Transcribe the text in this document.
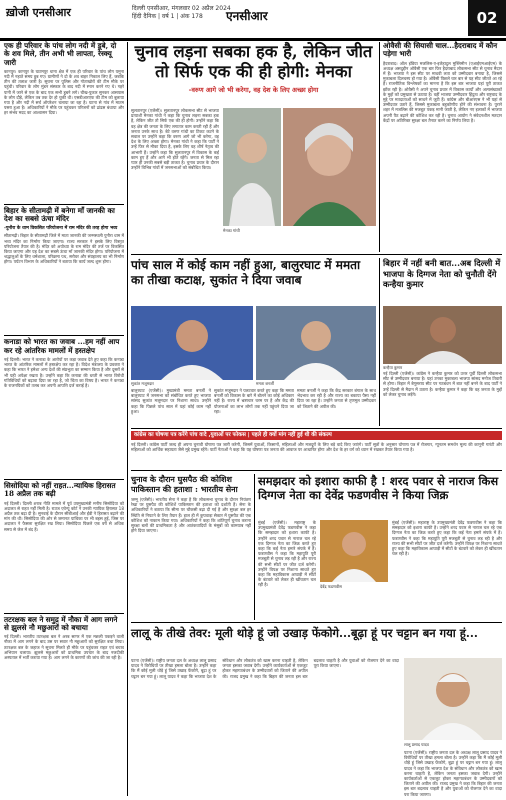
ख़ोजी एनसीआर	दिल्ली एनसीआर, मंगलवार 02 अप्रैल 2024
हिंदी दैनिक | वर्ष 1 | अंक 178	एनसीआर	02
एक ही परिवार के पांच लोग नदी में डूबे, दो के शव मिले, तीन अभी भी लापता, रेस्क्यू जारी
कानपुर। कानपुर के घाटमपुर थाना क्षेत्र में एक ही परिवार के पांच लोग यमुना नदी में नहाते समय डूब गए। ग्रामीणों ने दो के शव बाहर निकाल लिए हैं, जबकि तीन की तलाश जारी है। सूचना पर पुलिस और गोताखोरों की टीम मौके पर पहुंची। परिवार के लोग मुंडन संस्कार के बाद नदी में स्नान करने गए थे। गहरे पानी में जाने से एक के बाद एक सभी डूबने लगे। चीख-पुकार सुनकर आसपास के लोग दौड़े, लेकिन तब तक देर हो चुकी थी। एसडीआरएफ की टीम को बुलाया गया है और नदी में सर्च ऑपरेशन चलाया जा रहा है। घटना से गांव में मातम पसरा हुआ है। अधिकारियों ने मौके पर पहुंचकर परिजनों को ढांढस बंधाया और हर संभव मदद का आश्वासन दिया।
बिहार के सीतामढ़ी में बनेगा माँ जानकी का देश का सबसे ऊंचा मंदिर
-पुनौरा के धाम विकसित परियोजना में राम मंदिर की तरह होगा भव्य
सीतामढ़ी। बिहार के सीतामढ़ी जिले में माता जानकी की जन्मस्थली पुनौरा धाम में भव्य मंदिर का निर्माण किया जाएगा। राज्य सरकार ने इसके लिए विस्तृत परियोजना तैयार की है। मंदिर को अयोध्या के राम मंदिर की तर्ज पर विकसित किया जाएगा और यह देश का सबसे ऊंचा माँ जानकी मंदिर होगा। परियोजना में श्रद्धालुओं के लिए धर्मशाला, परिक्रमा पथ, सरोवर और संग्रहालय का भी निर्माण होगा। पर्यटन विभाग के अधिकारियों ने बताया कि कार्य जल्द शुरू होगा।
कनाडा को भारत का जवाब ...हम नहीं आप कर रहे आंतरिक मामलों में हस्तक्षेप
नई दिल्ली। भारत ने कनाडा के आरोपों पर कड़ा जवाब देते हुए कहा कि कनाडा भारत के आंतरिक मामलों में हस्तक्षेप कर रहा है। विदेश मंत्रालय के प्रवक्ता ने कहा कि भारत ने हमेशा अन्य देशों की संप्रभुता का सम्मान किया है और दूसरों से भी यही अपेक्षा रखता है। उन्होंने कहा कि कनाडा की धरती से भारत विरोधी गतिविधियों को बढ़ावा दिया जा रहा है, जो चिंता का विषय है। भारत ने कनाडा के राजनयिकों को तलब कर अपनी आपत्ति दर्ज कराई है।
सिसोदिया को नहीं राहत...न्यायिक हिरासत 18 अप्रैल तक बढ़ी
नई दिल्ली। दिल्ली शराब नीति मामले में पूर्व उपमुख्यमंत्री मनीष सिसोदिया को अदालत से राहत नहीं मिली है। राउज एवेन्यू कोर्ट ने उनकी न्यायिक हिरासत 18 अप्रैल तक बढ़ा दी है। सुनवाई के दौरान सीबीआई और ईडी ने हिरासत बढ़ाने की मांग की थी। सिसोदिया की ओर से जमानत याचिका पर भी बहस हुई, जिस पर अदालत ने फैसला सुरक्षित रख लिया। सिसोदिया पिछले एक वर्ष से अधिक समय से जेल में बंद हैं।
तटरक्षक बल ने समुद्र में नौका में आग लगने से झुलसे नौ मछुआरों को बचाया
नई दिल्ली। भारतीय तटरक्षक बल ने अरब सागर में एक मछली पकड़ने वाली नौका में आग लगने के बाद उस पर सवार नौ मछुआरों को सुरक्षित बचा लिया। तटरक्षक बल के जहाज ने सूचना मिलते ही मौके पर पहुंचकर राहत एवं बचाव अभियान चलाया। झुलसे मछुआरों को प्राथमिक उपचार के बाद नजदीकी अस्पताल में भर्ती कराया गया है। आग लगने के कारणों की जांच की जा रही है।
चुनाव लड़ना सबका हक है, लेकिन जीत तो सिर्फ एक की ही होगी: मेनका
-वरुण आगे जो भी करेगा, वह देश के लिए अच्छा होगा
सुलतानपुर (एजेंसी)। सुलतानपुर लोकसभा सीट से भाजपा प्रत्याशी मेनका गांधी ने कहा कि चुनाव लड़ना सबका हक है, लेकिन जीत तो सिर्फ एक की ही होगी। उन्होंने कहा कि वह क्षेत्र की जनता के लिए लगातार काम करती रही हैं और जनता उनके साथ है। बेटे वरुण गांधी का टिकट कटने के सवाल पर उन्होंने कहा कि वरुण आगे जो भी करेगा, वह देश के लिए अच्छा होगा। मेनका गांधी ने कहा कि पार्टी ने उन्हें फिर से मौका दिया है, इसके लिए वह शीर्ष नेतृत्व की आभारी हैं। उन्होंने कहा कि सुलतानपुर में विकास के कई काम हुए हैं और आगे भी होते रहेंगे। जनता से मिल रहा प्यार ही उनकी सबसे बड़ी ताकत है। चुनाव प्रचार के दौरान उन्होंने विभिन्न गांवों में जनसभाओं को संबोधित किया।
मेनका गांधी
ओवैसी की सियासी चाल...हैदराबाद में कौन पड़ेगा भारी
हैदराबाद। ऑल इंडिया मजलिस-ए-इत्तेहादुल मुस्लिमीन (एआईएमआईएम) के अध्यक्ष असदुद्दीन ओवैसी एक बार फिर हैदराबाद लोकसभा सीट से चुनाव मैदान में हैं। भाजपा ने इस सीट पर माधवी लता को उम्मीदवार बनाया है, जिससे मुकाबला दिलचस्प हो गया है। ओवैसी पिछले चार बार से यह सीट जीतते आ रहे हैं। राजनीतिक विश्लेषकों का मानना है कि इस बार भाजपा यहां पूरी ताकत झोंक रही है। ओवैसी ने अपने चुनाव प्रचार में विकास कार्यों और अल्पसंख्यकों के मुद्दों को प्रमुखता से उठाया है। वहीं भाजपा उम्मीदवार हिंदुत्व और राष्ट्रवाद के मुद्दे पर मतदाताओं को साधने में जुटी हैं। कांग्रेस और बीआरएस ने भी यहां से उम्मीदवार उतारे हैं, जिससे मुकाबला बहुकोणीय होने की संभावना है। पुराने शहर में मजलिस की मजबूत पकड़ मानी जाती है, लेकिन नए इलाकों में भाजपा अपनी पैठ बढ़ाने की कोशिश कर रही है। चुनाव आयोग ने संवेदनशील मतदान केंद्रों पर अतिरिक्त सुरक्षा बल तैनात करने का निर्णय लिया है।
पांच साल में कोई काम नहीं हुआ, बालुरघाट में ममता का तीखा कटाक्ष, सुकांत ने दिया जवाब
सुकांत मजूमदार	ममता बनर्जी
बालुरघाट (एजेंसी)। मुख्यमंत्री ममता बनर्जी ने बालुरघाट में जनसभा को संबोधित करते हुए भाजपा सांसद सुकांत मजूमदार पर निशाना साधा। उन्होंने कहा कि पिछले पांच साल में यहां कोई काम नहीं हुआ।
सुकांत मजूमदार ने पलटवार करते हुए कहा कि ममता बनर्जी को विकास के बारे में बोलने का कोई अधिकार नहीं है। राज्य में भ्रष्टाचार चरम पर है और केंद्र की योजनाओं का लाभ लोगों तक नहीं पहुंचने दिया जा रहा।
ममता बनर्जी ने कहा कि केंद्र सरकार बंगाल के साथ भेदभाव कर रही है और राज्य का बकाया पैसा नहीं दिया जा रहा है। उन्होंने जनता से तृणमूल उम्मीदवार को जिताने की अपील की।
बिहार में नहीं बनी बात...अब दिल्ली में भाजपा के दिग्गज नेता को चुनौती देंगे कन्हैया कुमार
कन्हैया कुमार
नई दिल्ली (एजेंसी)। कांग्रेस ने कन्हैया कुमार को उत्तर पूर्वी दिल्ली लोकसभा सीट से उम्मीदवार बनाया है। यहां उनका मुकाबला भाजपा सांसद मनोज तिवारी से होगा। बिहार में बेगूसराय सीट पर गठबंधन में बात नहीं बनने के बाद पार्टी ने उन्हें दिल्ली से मैदान में उतारा है। कन्हैया कुमार ने कहा कि वह जनता के मुद्दों को लेकर चुनाव लड़ेंगे।
कांग्रेस का घोषणा पत्र करेंगे पांच वादे ,युवाओं पर फोकस | पहले ही क्यों मांग नहीं हुई थी की संकल्प
नई दिल्ली। कांग्रेस पार्टी जल्द ही अपना चुनावी घोषणा पत्र जारी करेगी, जिसमें युवाओं, किसानों, महिलाओं और मजदूरों के लिए बड़े वादे किए जाएंगे। पार्टी सूत्रों के अनुसार घोषणा पत्र में रोजगार, न्यूनतम समर्थन मूल्य की कानूनी गारंटी और महिलाओं को आर्थिक सहायता जैसे मुद्दे प्रमुख रहेंगे। पार्टी नेताओं ने कहा कि यह घोषणा पत्र जनता की आवाज पर आधारित होगा और देश के हर वर्ग को ध्यान में रखकर तैयार किया गया है।
चुनाव के दौरान घुसपैठ की कोशिश पाकिस्तान की हताशा : भारतीय सेना
जम्मू (एजेंसी)। भारतीय सेना ने कहा है कि लोकसभा चुनाव के दौरान नियंत्रण रेखा पर घुसपैठ की कोशिशें पाकिस्तान की हताशा को दर्शाती हैं। सेना के अधिकारियों ने बताया कि सीमा पर चौकसी बढ़ा दी गई है और सुरक्षा बल हर स्थिति से निपटने के लिए तैयार हैं। हाल ही में कुपवाड़ा सेक्टर में घुसपैठ की एक कोशिश को नाकाम किया गया। अधिकारियों ने कहा कि शांतिपूर्ण चुनाव कराना सुरक्षा बलों की प्राथमिकता है और आतंकवादियों के मंसूबों को कामयाब नहीं होने दिया जाएगा।
समझदार को इशारा काफी है ! शरद पवार से नाराज किस दिग्गज नेता का देवेंद्र फडणवीस ने किया जिक्र
मुंबई (एजेंसी)। महाराष्ट्र के उपमुख्यमंत्री देवेंद्र फडणवीस ने कहा कि समझदार को इशारा काफी है। उन्होंने शरद पवार से नाराज चल रहे एक दिग्गज नेता का जिक्र करते हुए कहा कि कई नेता हमारे संपर्क में हैं। फडणवीस ने कहा कि महायुति पूरी मजबूती से चुनाव लड़ रही है और राज्य की सभी सीटों पर जीत दर्ज करेगी। उन्होंने विपक्ष पर निशाना साधते हुए कहा कि महाविकास आघाड़ी में सीटों के बंटवारे को लेकर ही खींचतान चल रही है।	देवेंद्र फडणवीस
मुंबई (एजेंसी)। महाराष्ट्र के उपमुख्यमंत्री देवेंद्र फडणवीस ने कहा कि समझदार को इशारा काफी है। उन्होंने शरद पवार से नाराज चल रहे एक दिग्गज नेता का जिक्र करते हुए कहा कि कई नेता हमारे संपर्क में हैं। फडणवीस ने कहा कि महायुति पूरी मजबूती से चुनाव लड़ रही है और राज्य की सभी सीटों पर जीत दर्ज करेगी। उन्होंने विपक्ष पर निशाना साधते हुए कहा कि महाविकास आघाड़ी में सीटों के बंटवारे को लेकर ही खींचतान चल रही है।
लालू के तीखे तेवर: मूली थोड़े हूं जो उखाड़ फेंकोगे...बूढ़ा हूं पर चट्टान बन गया हूं...
पटना (एजेंसी)। राष्ट्रीय जनता दल के अध्यक्ष लालू प्रसाद यादव ने विरोधियों पर तीखा हमला बोला है। उन्होंने कहा कि मैं कोई मूली थोड़े हूं जिसे उखाड़ फेंकोगे, बूढ़ा हूं पर चट्टान बन गया हूं। लालू यादव ने कहा कि भाजपा देश के संविधान और लोकतंत्र को खत्म करना चाहती है, लेकिन जनता इसका जवाब देगी। उन्होंने कार्यकर्ताओं से एकजुट होकर महागठबंधन के उम्मीदवारों को जिताने की अपील की। राजद प्रमुख ने कहा कि बिहार की जनता इस बार बदलाव चाहती है और युवाओं को रोजगार देने का वादा पूरा किया जाएगा।
लालू प्रसाद यादव
पटना (एजेंसी)। राष्ट्रीय जनता दल के अध्यक्ष लालू प्रसाद यादव ने विरोधियों पर तीखा हमला बोला है। उन्होंने कहा कि मैं कोई मूली थोड़े हूं जिसे उखाड़ फेंकोगे, बूढ़ा हूं पर चट्टान बन गया हूं। लालू यादव ने कहा कि भाजपा देश के संविधान और लोकतंत्र को खत्म करना चाहती है, लेकिन जनता इसका जवाब देगी। उन्होंने कार्यकर्ताओं से एकजुट होकर महागठबंधन के उम्मीदवारों को जिताने की अपील की। राजद प्रमुख ने कहा कि बिहार की जनता इस बार बदलाव चाहती है और युवाओं को रोजगार देने का वादा पूरा किया जाएगा।
